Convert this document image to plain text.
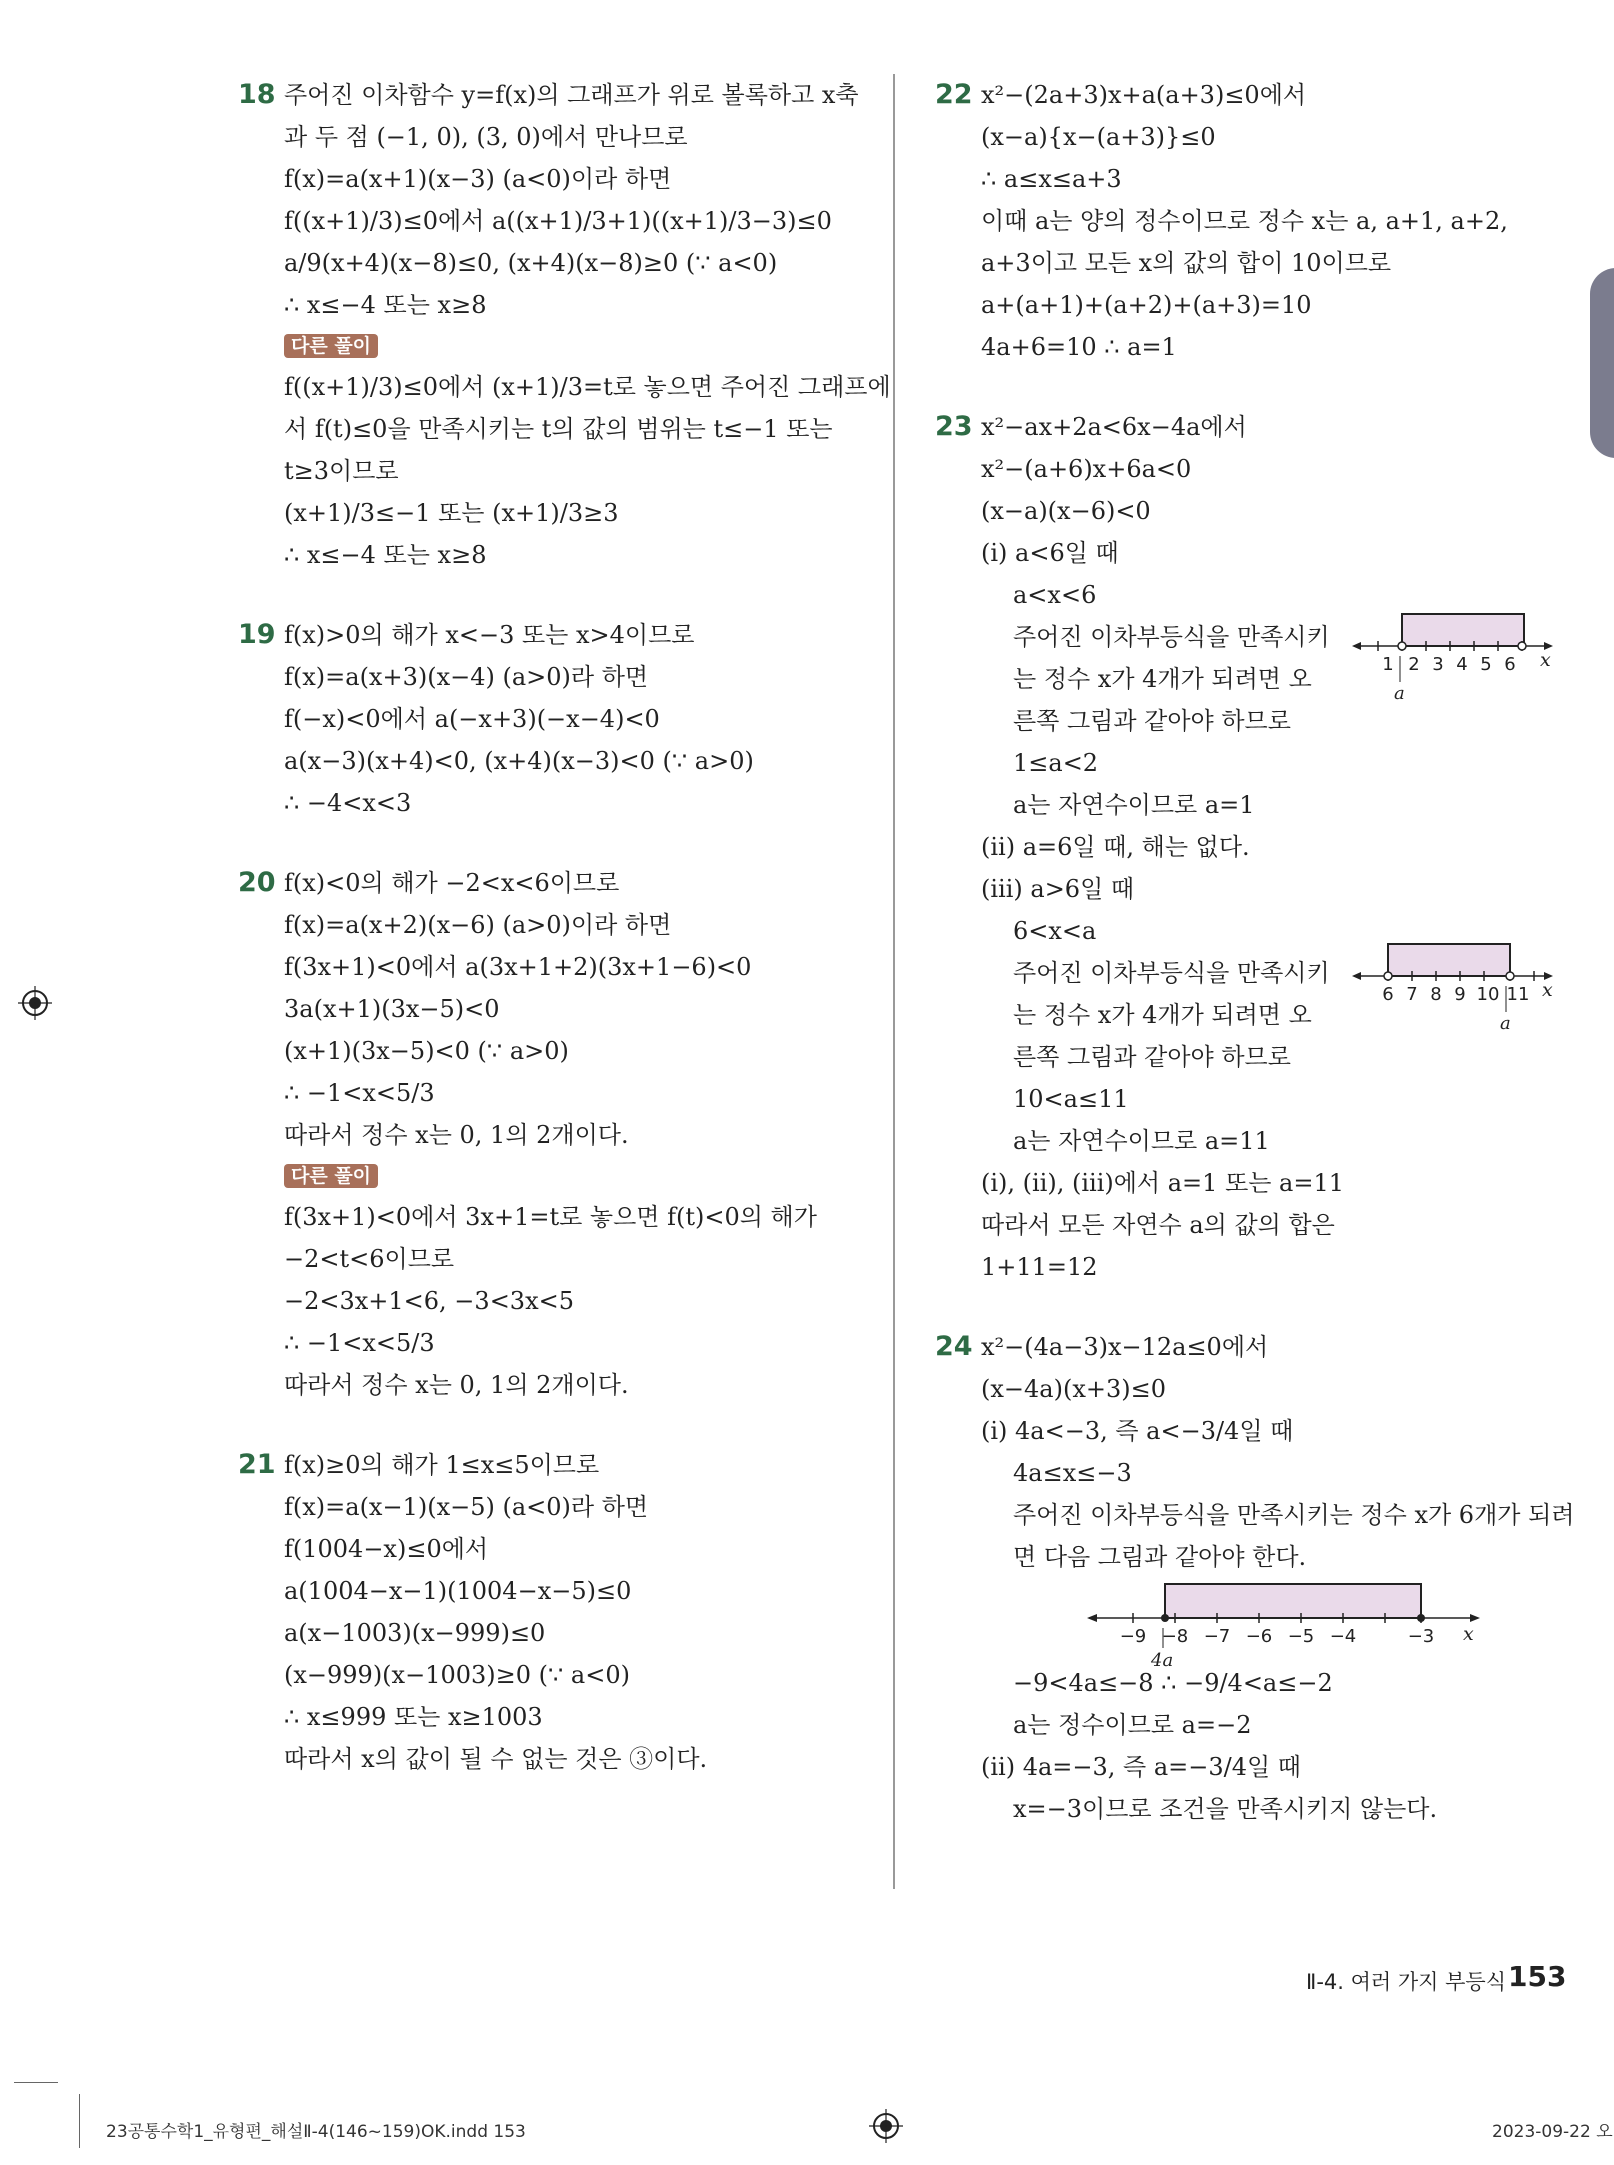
18 주어진 이차함수 y=f(x)의 그래프가 위로 볼록하고 x축
과 두 점 (−1, 0), (3, 0)에서 만나므로
f(x)=a(x+1)(x−3) (a<0)이라 하면
f((x+1)/3)≤0에서 a((x+1)/3+1)((x+1)/3−3)≤0
a/9(x+4)(x−8)≤0, (x+4)(x−8)≥0 (∵ a<0)
∴ x≤−4 또는 x≥8
다른 풀이
f((x+1)/3)≤0에서 (x+1)/3=t로 놓으면 주어진 그래프에
서 f(t)≤0을 만족시키는 t의 값의 범위는 t≤−1 또는
t≥3이므로
(x+1)/3≤−1 또는 (x+1)/3≥3
∴ x≤−4 또는 x≥8
19 f(x)>0의 해가 x<−3 또는 x>4이므로
f(x)=a(x+3)(x−4) (a>0)라 하면
f(−x)<0에서 a(−x+3)(−x−4)<0
a(x−3)(x+4)<0, (x+4)(x−3)<0 (∵ a>0)
∴ −4<x<3
20 f(x)<0의 해가 −2<x<6이므로
f(x)=a(x+2)(x−6) (a>0)이라 하면
f(3x+1)<0에서 a(3x+1+2)(3x+1−6)<0
3a(x+1)(3x−5)<0
(x+1)(3x−5)<0 (∵ a>0)
∴ −1<x<5/3
따라서 정수 x는 0, 1의 2개이다.
다른 풀이
f(3x+1)<0에서 3x+1=t로 놓으면 f(t)<0의 해가
−2<t<6이므로
−2<3x+1<6, −3<3x<5
∴ −1<x<5/3
따라서 정수 x는 0, 1의 2개이다.
21 f(x)≥0의 해가 1≤x≤5이므로
f(x)=a(x−1)(x−5) (a<0)라 하면
f(1004−x)≤0에서
a(1004−x−1)(1004−x−5)≤0
a(x−1003)(x−999)≤0
(x−999)(x−1003)≥0 (∵ a<0)
∴ x≤999 또는 x≥1003
따라서 x의 값이 될 수 없는 것은 ③이다.
22 x²−(2a+3)x+a(a+3)≤0에서
(x−a){x−(a+3)}≤0
∴ a≤x≤a+3
이때 a는 양의 정수이므로 정수 x는 a, a+1, a+2,
a+3이고 모든 x의 값의 합이 10이므로
a+(a+1)+(a+2)+(a+3)=10
4a+6=10 ∴ a=1
23 x²−ax+2a<6x−4a에서
x²−(a+6)x+6a<0
(x−a)(x−6)<0
(ⅰ) a<6일 때
a<x<6
주어진 이차부등식을 만족시키
는 정수 x가 4개가 되려면 오
른쪽 그림과 같아야 하므로
1≤a<2
a는 자연수이므로 a=1
(ⅱ) a=6일 때, 해는 없다.
(ⅲ) a>6일 때
6<x<a
주어진 이차부등식을 만족시키
는 정수 x가 4개가 되려면 오
른쪽 그림과 같아야 하므로
10<a≤11
a는 자연수이므로 a=11
(ⅰ), (ⅱ), (ⅲ)에서 a=1 또는 a=11
따라서 모든 자연수 a의 값의 합은
1+11=12
24 x²−(4a−3)x−12a≤0에서
(x−4a)(x+3)≤0
(ⅰ) 4a<−3, 즉 a<−3/4일 때
4a≤x≤−3
주어진 이차부등식을 만족시키는 정수 x가 6개가 되려
면 다음 그림과 같아야 한다.

−9<4a≤−8 ∴ −9/4<a≤−2
a는 정수이므로 a=−2
(ⅱ) 4a=−3, 즉 a=−3/4일 때
x=−3이므로 조건을 만족시키지 않는다.
1 2 3 4 5 6 x
a
6 7 8 9 10 11 x
a
−9 −8 −7 −6 −5 −4	−3 x
4a
Ⅱ-4. 여러 가지 부등식 153
23공통수학1_유형편_해설Ⅱ-4(146~159)OK.indd 153	2023-09-22 오
